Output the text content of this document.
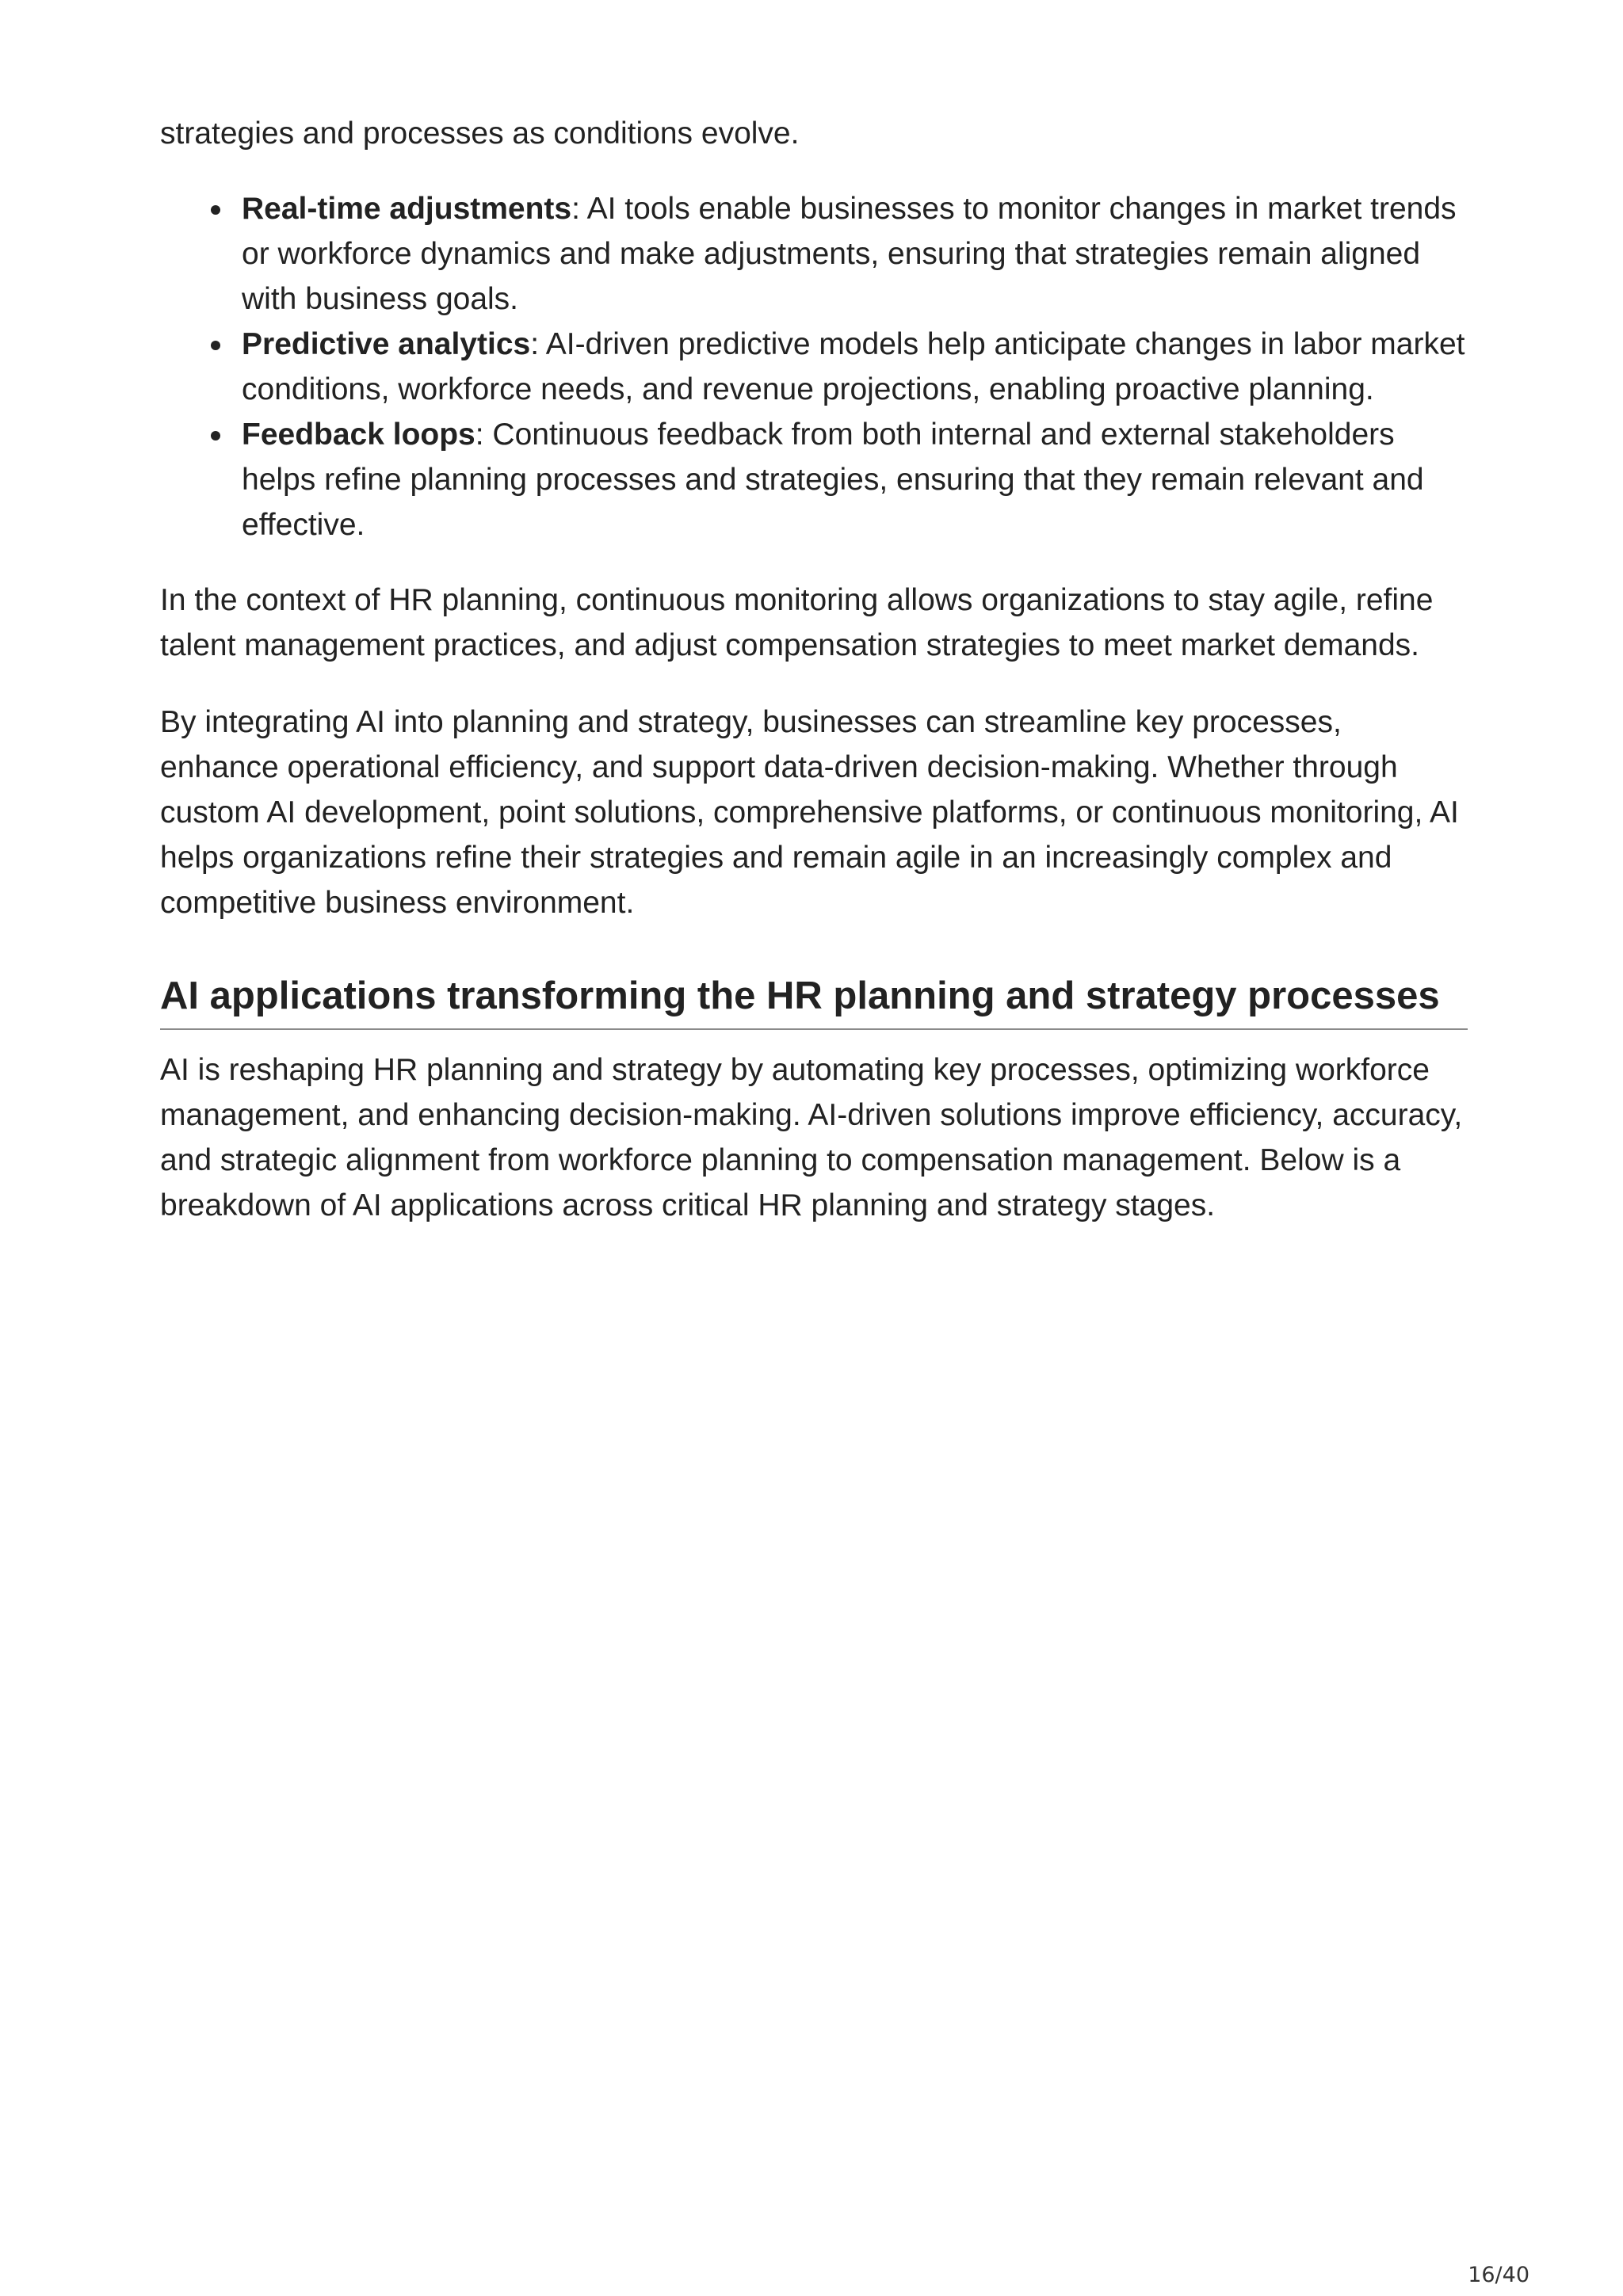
strategies and processes as conditions evolve.

Real-time adjustments: AI tools enable businesses to monitor changes in market trends or workforce dynamics and make adjustments, ensuring that strategies remain aligned with business goals.
Predictive analytics: AI-driven predictive models help anticipate changes in labor market conditions, workforce needs, and revenue projections, enabling proactive planning.
Feedback loops: Continuous feedback from both internal and external stakeholders helps refine planning processes and strategies, ensuring that they remain relevant and effective.

In the context of HR planning, continuous monitoring allows organizations to stay agile, refine talent management practices, and adjust compensation strategies to meet market demands.

By integrating AI into planning and strategy, businesses can streamline key processes, enhance operational efficiency, and support data-driven decision-making. Whether through custom AI development, point solutions, comprehensive platforms, or continuous monitoring, AI helps organizations refine their strategies and remain agile in an increasingly complex and competitive business environment.

AI applications transforming the HR planning and strategy processes

AI is reshaping HR planning and strategy by automating key processes, optimizing workforce management, and enhancing decision-making. AI-driven solutions improve efficiency, accuracy, and strategic alignment from workforce planning to compensation management. Below is a breakdown of AI applications across critical HR planning and strategy stages.

16/40
